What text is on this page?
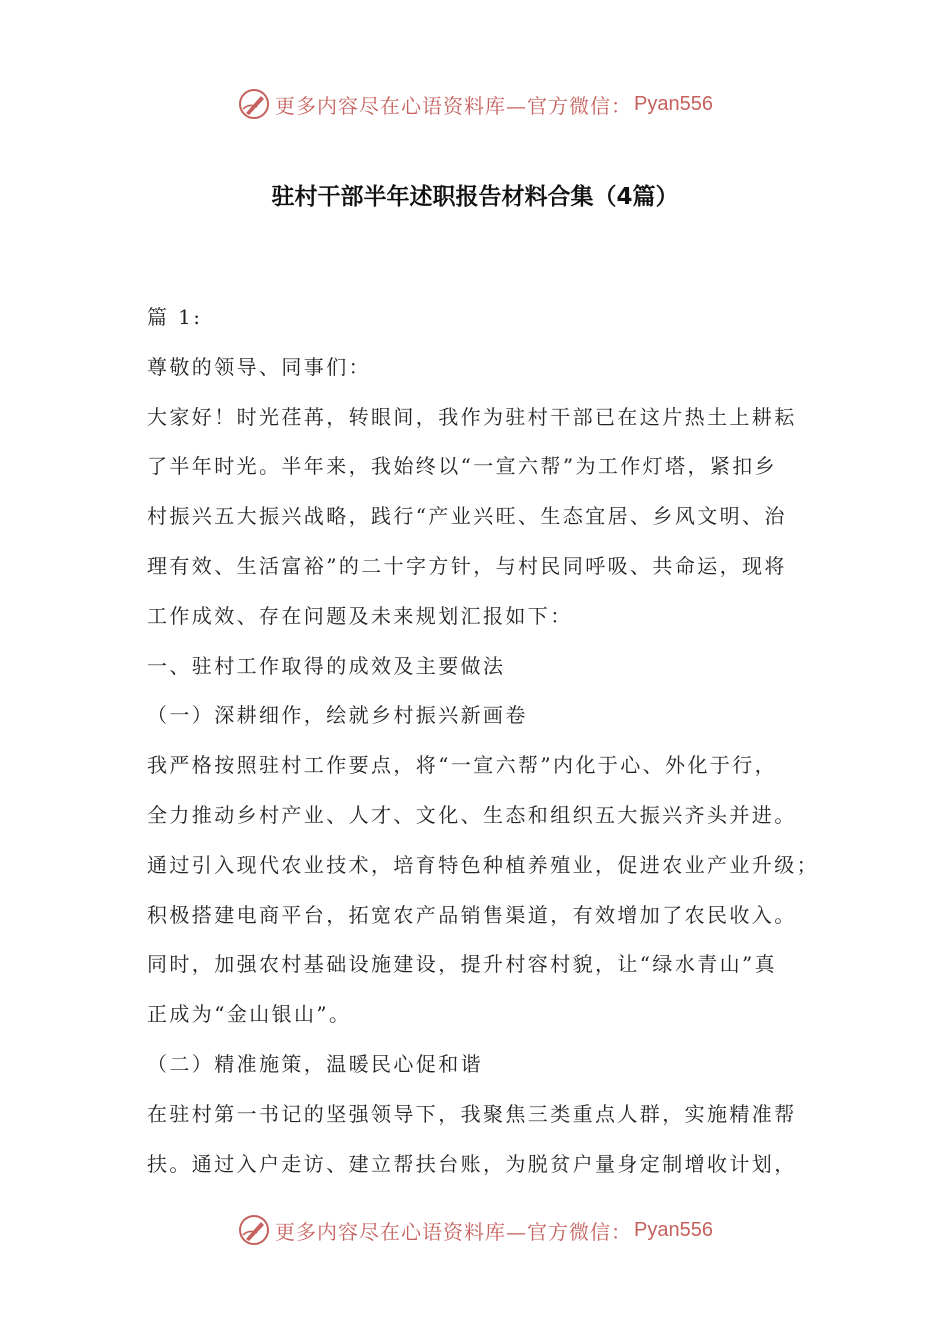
更多内容尽在心语资料库—官方微信： Pyan556
驻村干部半年述职报告材料合集（4篇）
篇 1:
尊敬的领导、同事们：
大家好！时光荏苒，转眼间，我作为驻村干部已在这片热土上耕耘
了半年时光。半年来，我始终以“一宣六帮”为工作灯塔，紧扣乡
村振兴五大振兴战略，践行“产业兴旺、生态宜居、乡风文明、治
理有效、生活富裕”的二十字方针，与村民同呼吸、共命运，现将
工作成效、存在问题及未来规划汇报如下：
一、驻村工作取得的成效及主要做法
（一）深耕细作，绘就乡村振兴新画卷
我严格按照驻村工作要点，将“一宣六帮”内化于心、外化于行，
全力推动乡村产业、人才、文化、生态和组织五大振兴齐头并进。
通过引入现代农业技术，培育特色种植养殖业，促进农业产业升级；
积极搭建电商平台，拓宽农产品销售渠道，有效增加了农民收入。
同时，加强农村基础设施建设，提升村容村貌，让“绿水青山”真
正成为“金山银山”。
（二）精准施策，温暖民心促和谐
在驻村第一书记的坚强领导下，我聚焦三类重点人群，实施精准帮
扶。通过入户走访、建立帮扶台账，为脱贫户量身定制增收计划，
更多内容尽在心语资料库—官方微信： Pyan556
